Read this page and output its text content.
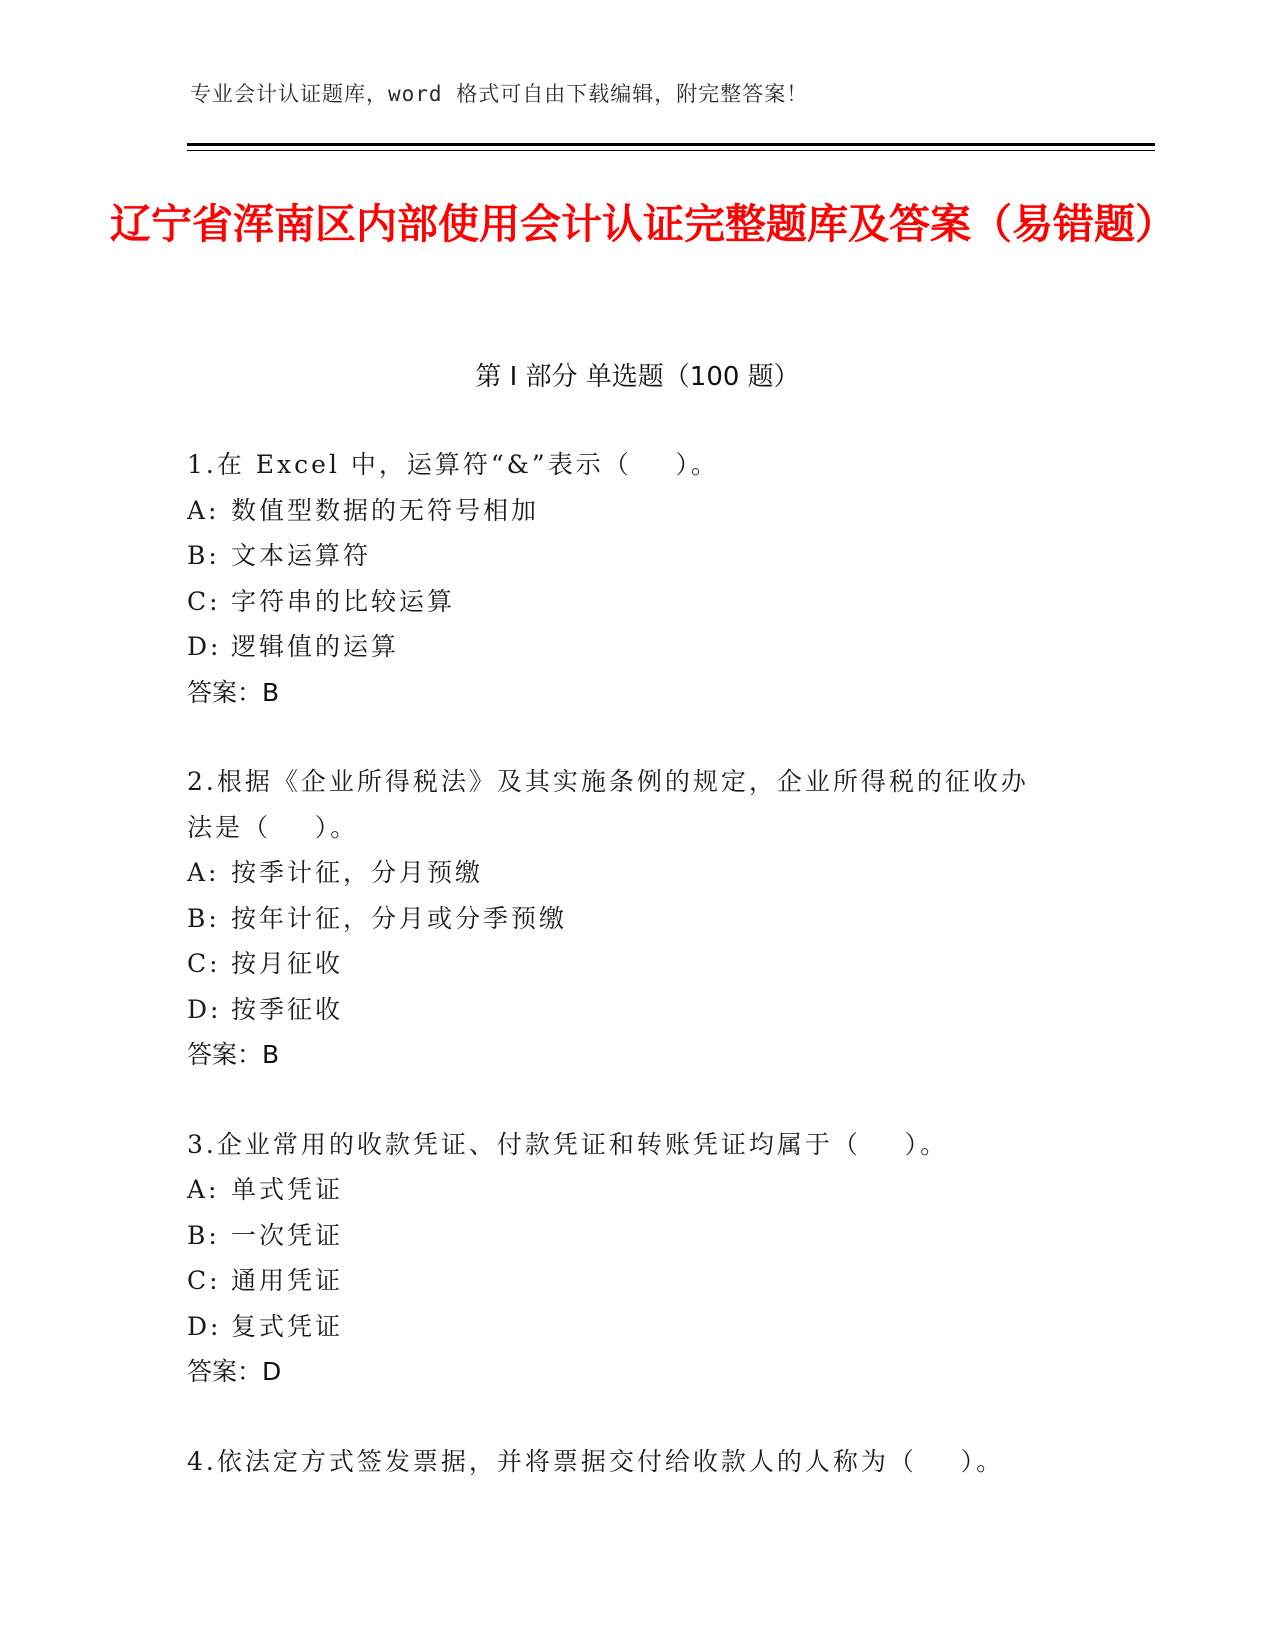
专业会计认证题库，word 格式可自由下载编辑，附完整答案！
辽宁省浑南区内部使用会计认证完整题库及答案（易错题）
第 I 部分 单选题（100 题）
1.在 Excel 中，运算符“&”表示（    ）。
A: 数值型数据的无符号相加
B: 文本运算符
C: 字符串的比较运算
D: 逻辑值的运算
答案：B
2.根据《企业所得税法》及其实施条例的规定，企业所得税的征收办
法是（    ）。
A: 按季计征，分月预缴
B: 按年计征，分月或分季预缴
C: 按月征收
D: 按季征收
答案：B
3.企业常用的收款凭证、付款凭证和转账凭证均属于（    ）。
A: 单式凭证
B: 一次凭证
C: 通用凭证
D: 复式凭证
答案：D
4.依法定方式签发票据，并将票据交付给收款人的人称为（    ）。
